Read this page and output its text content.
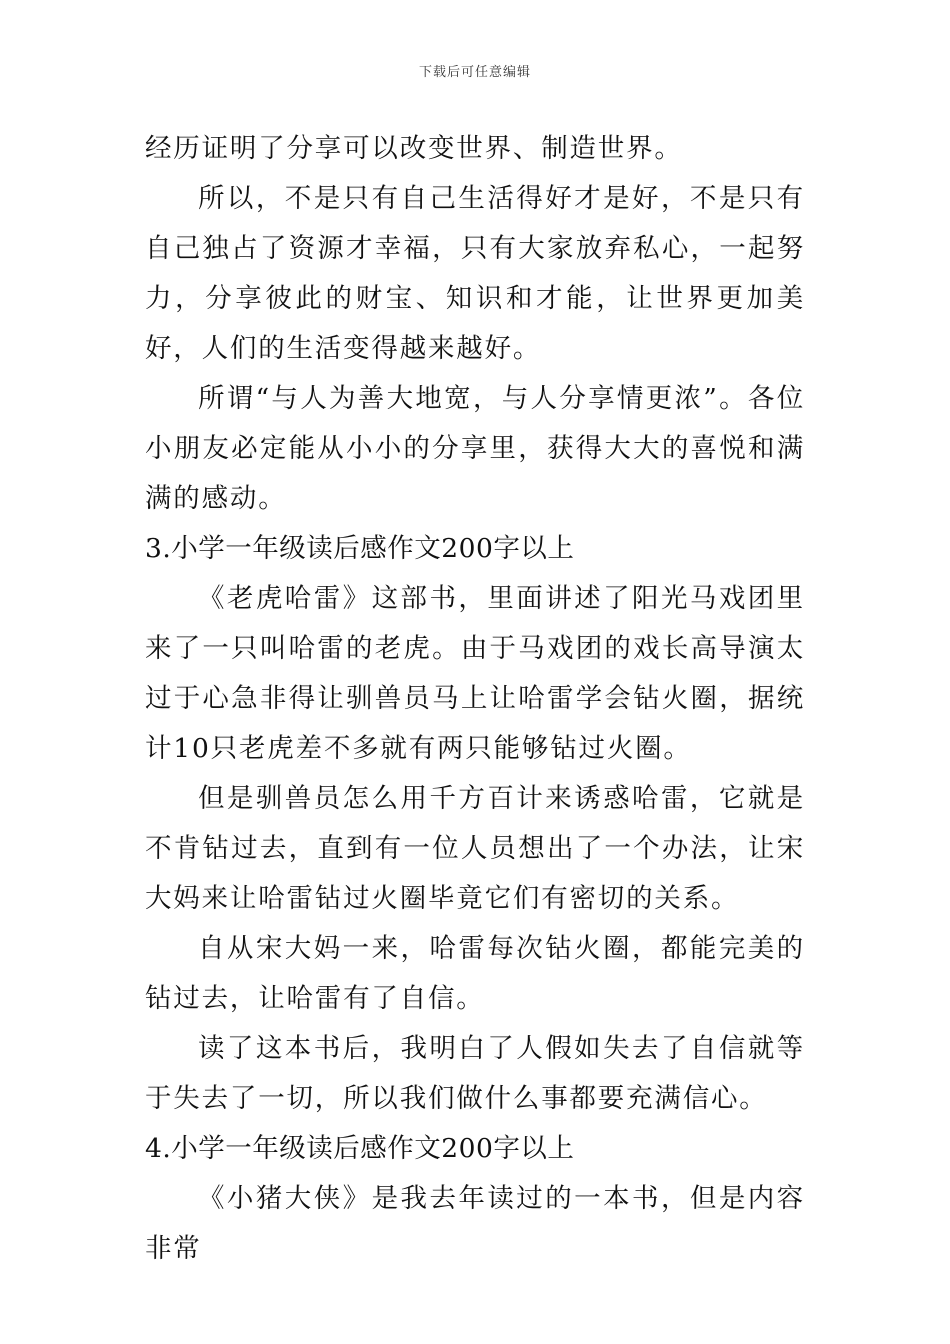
下载后可任意编辑

经历证明了分享可以改变世界、制造世界。

所以，不是只有自己生活得好才是好，不是只有自己独占了资源才幸福，只有大家放弃私心，一起努力，分享彼此的财宝、知识和才能，让世界更加美好，人们的生活变得越来越好。

所谓“与人为善大地宽，与人分享情更浓”。各位小朋友必定能从小小的分享里，获得大大的喜悦和满满的感动。

3.小学一年级读后感作文200字以上

《老虎哈雷》这部书，里面讲述了阳光马戏团里来了一只叫哈雷的老虎。由于马戏团的戏长高导演太过于心急非得让驯兽员马上让哈雷学会钻火圈，据统计10只老虎差不多就有两只能够钻过火圈。

但是驯兽员怎么用千方百计来诱惑哈雷，它就是不肯钻过去，直到有一位人员想出了一个办法，让宋大妈来让哈雷钻过火圈毕竟它们有密切的关系。

自从宋大妈一来，哈雷每次钻火圈，都能完美的钻过去，让哈雷有了自信。

读了这本书后，我明白了人假如失去了自信就等于失去了一切，所以我们做什么事都要充满信心。

4.小学一年级读后感作文200字以上

《小猪大侠》是我去年读过的一本书，但是内容非常
